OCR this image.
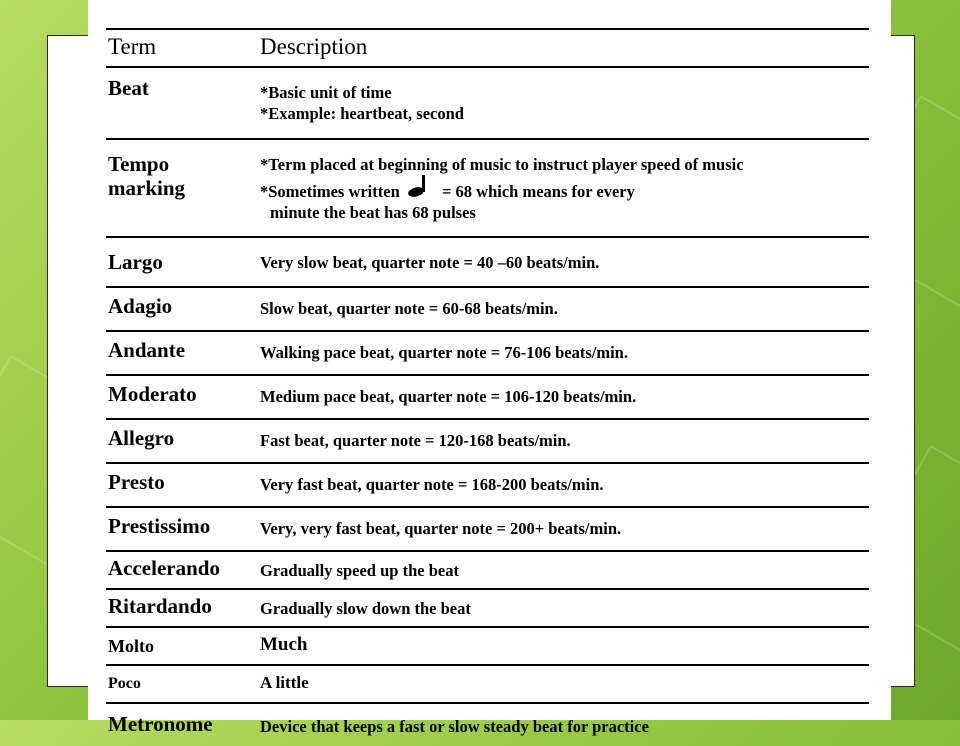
Term	Description
Beat	*Basic unit of time
*Example: heartbeat, second

Tempo
marking	*Term placed at beginning of music to instruct player speed of music
*Sometimes written = 68 which means for every
minute the beat has 68 pulses

Largo	Very slow beat, quarter note = 40 –60 beats/min.
Adagio	Slow beat, quarter note = 60-68 beats/min.
Andante	Walking pace beat, quarter note = 76-106 beats/min.
Moderato	Medium pace beat, quarter note = 106-120 beats/min.
Allegro	Fast beat, quarter note = 120-168 beats/min.
Presto	Very fast beat, quarter note = 168-200 beats/min.
Prestissimo	Very, very fast beat, quarter note = 200+ beats/min.
Accelerando	Gradually speed up the beat
Ritardando	Gradually slow down the beat
Molto	Much
Poco	A little
Metronome	Device that keeps a fast or slow steady beat for practice
